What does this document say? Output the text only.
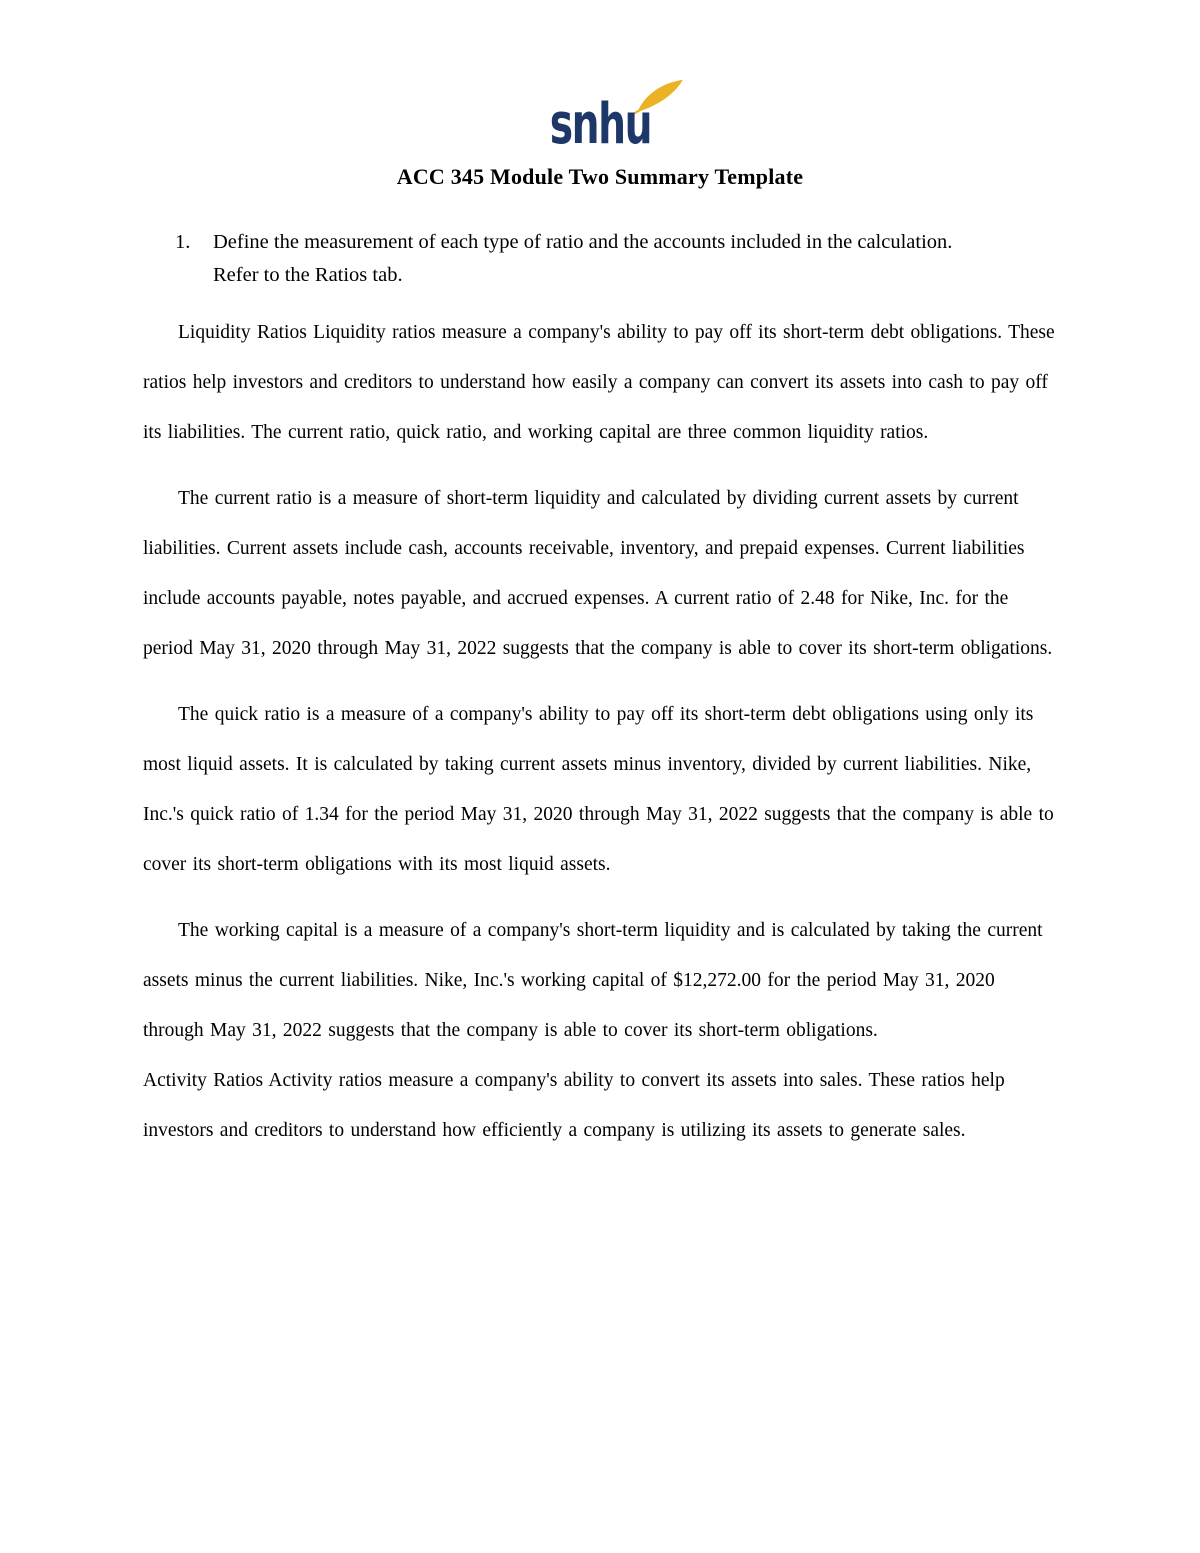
snhu
ACC 345 Module Two Summary Template
1.	Define the measurement of each type of ratio and the accounts included in the calculation. Refer to the Ratios tab.

Liquidity Ratios Liquidity ratios measure a company's ability to pay off its short-term debt obligations. These ratios help investors and creditors to understand how easily a company can convert its assets into cash to pay off its liabilities. The current ratio, quick ratio, and working capital are three common liquidity ratios.

The current ratio is a measure of short-term liquidity and calculated by dividing current assets by current liabilities. Current assets include cash, accounts receivable, inventory, and prepaid expenses. Current liabilities include accounts payable, notes payable, and accrued expenses. A current ratio of 2.48 for Nike, Inc. for the period May 31, 2020 through May 31, 2022 suggests that the company is able to cover its short-term obligations.

The quick ratio is a measure of a company's ability to pay off its short-term debt obligations using only its most liquid assets. It is calculated by taking current assets minus inventory, divided by current liabilities. Nike, Inc.'s quick ratio of 1.34 for the period May 31, 2020 through May 31, 2022 suggests that the company is able to cover its short-term obligations with its most liquid assets.

The working capital is a measure of a company's short-term liquidity and is calculated by taking the current assets minus the current liabilities. Nike, Inc.'s working capital of $12,272.00 for the period May 31, 2020 through May 31, 2022 suggests that the company is able to cover its short-term obligations.

Activity Ratios Activity ratios measure a company's ability to convert its assets into sales. These ratios help investors and creditors to understand how efficiently a company is utilizing its assets to generate sales.
